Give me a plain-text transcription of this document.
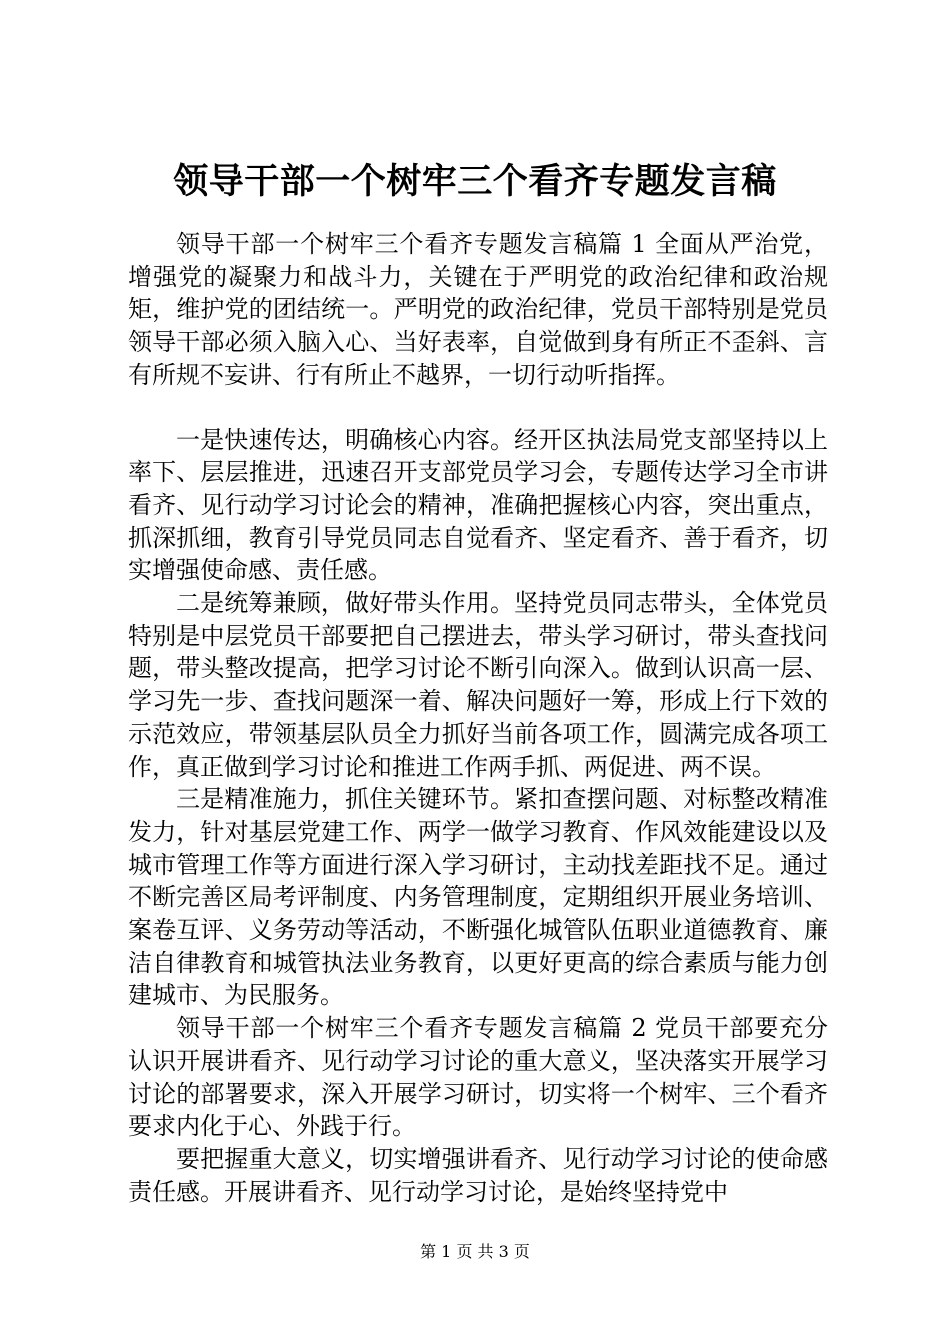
领导干部一个树牢三个看齐专题发言稿

领导干部一个树牢三个看齐专题发言稿篇 1 全面从严治党，增强党的凝聚力和战斗力，关键在于严明党的政治纪律和政治规矩，维护党的团结统一。严明党的政治纪律，党员干部特别是党员领导干部必须入脑入心、当好表率，自觉做到身有所正不歪斜、言有所规不妄讲、行有所止不越界，一切行动听指挥。

一是快速传达，明确核心内容。经开区执法局党支部坚持以上率下、层层推进，迅速召开支部党员学习会，专题传达学习全市讲看齐、见行动学习讨论会的精神，准确把握核心内容，突出重点，抓深抓细，教育引导党员同志自觉看齐、坚定看齐、善于看齐，切实增强使命感、责任感。

二是统筹兼顾，做好带头作用。坚持党员同志带头，全体党员特别是中层党员干部要把自己摆进去，带头学习研讨，带头查找问题，带头整改提高，把学习讨论不断引向深入。做到认识高一层、学习先一步、查找问题深一着、解决问题好一筹，形成上行下效的示范效应，带领基层队员全力抓好当前各项工作，圆满完成各项工作，真正做到学习讨论和推进工作两手抓、两促进、两不误。

三是精准施力，抓住关键环节。紧扣查摆问题、对标整改精准发力，针对基层党建工作、两学一做学习教育、作风效能建设以及城市管理工作等方面进行深入学习研讨，主动找差距找不足。通过不断完善区局考评制度、内务管理制度，定期组织开展业务培训、案卷互评、义务劳动等活动，不断强化城管队伍职业道德教育、廉洁自律教育和城管执法业务教育，以更好更高的综合素质与能力创建城市、为民服务。

领导干部一个树牢三个看齐专题发言稿篇 2 党员干部要充分认识开展讲看齐、见行动学习讨论的重大意义，坚决落实开展学习讨论的部署要求，深入开展学习研讨，切实将一个树牢、三个看齐要求内化于心、外践于行。

要把握重大意义，切实增强讲看齐、见行动学习讨论的使命感责任感。开展讲看齐、见行动学习讨论，是始终坚持党中

第 1 页 共 3 页
